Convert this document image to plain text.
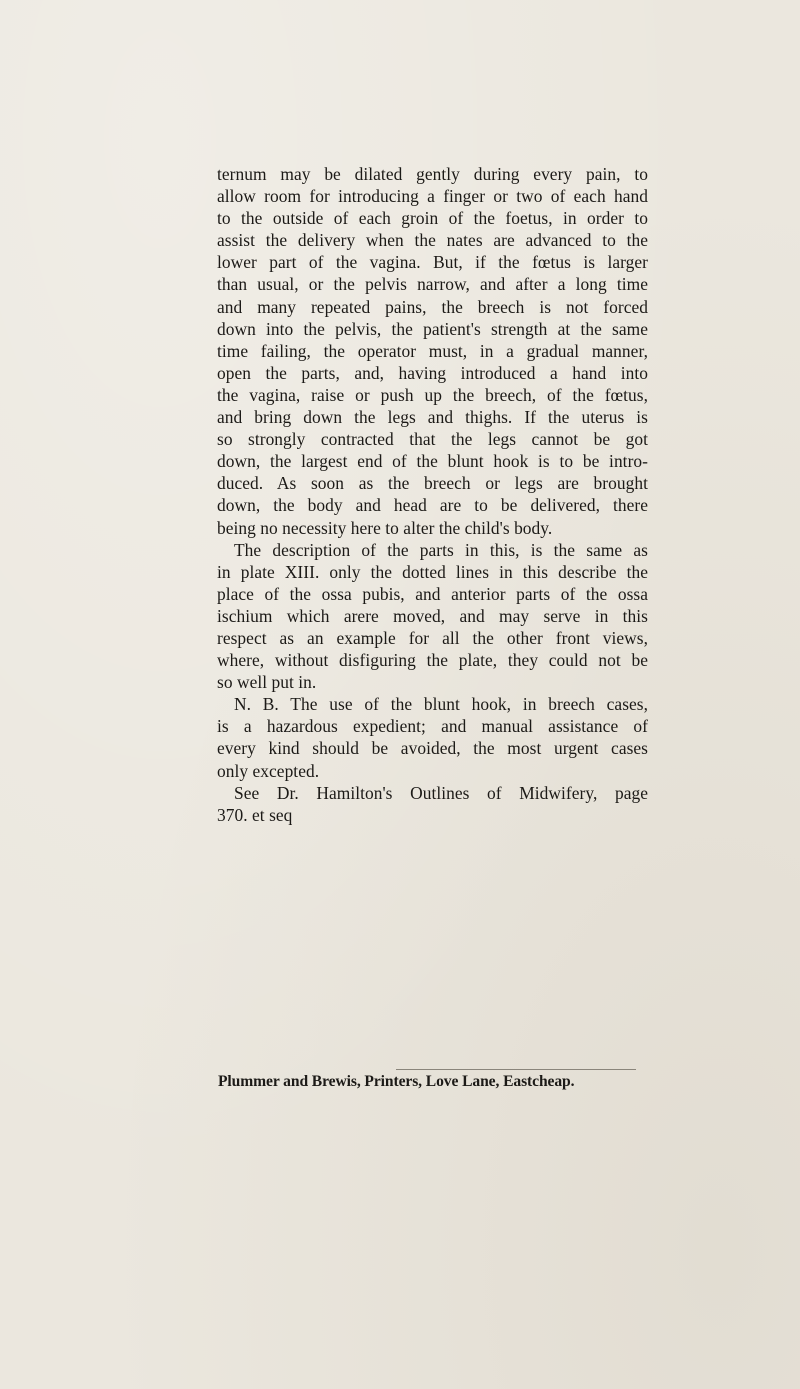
ternum may be dilated gently during every pain, to
allow room for introducing a finger or two of each hand
to the outside of each groin of the foetus, in order to
assist the delivery when the nates are advanced to the
lower part of the vagina. But, if the fœtus is larger
than usual, or the pelvis narrow, and after a long time
and many repeated pains, the breech is not forced
down into the pelvis, the patient's strength at the same
time failing, the operator must, in a gradual manner,
open the parts, and, having introduced a hand into
the vagina, raise or push up the breech, of the fœtus,
and bring down the legs and thighs. If the uterus is
so strongly contracted that the legs cannot be got
down, the largest end of the blunt hook is to be intro-
duced. As soon as the breech or legs are brought
down, the body and head are to be delivered, there
being no necessity here to alter the child's body.

The description of the parts in this, is the same as
in plate XIII. only the dotted lines in this describe the
place of the ossa pubis, and anterior parts of the ossa
ischium which arere moved, and may serve in this
respect as an example for all the other front views,
where, without disfiguring the plate, they could not be
so well put in.

N. B. The use of the blunt hook, in breech cases,
is a hazardous expedient; and manual assistance of
every kind should be avoided, the most urgent cases
only excepted.

See Dr. Hamilton's Outlines of Midwifery, page
370. et seq

Plummer and Brewis, Printers, Love Lane, Eastcheap.
